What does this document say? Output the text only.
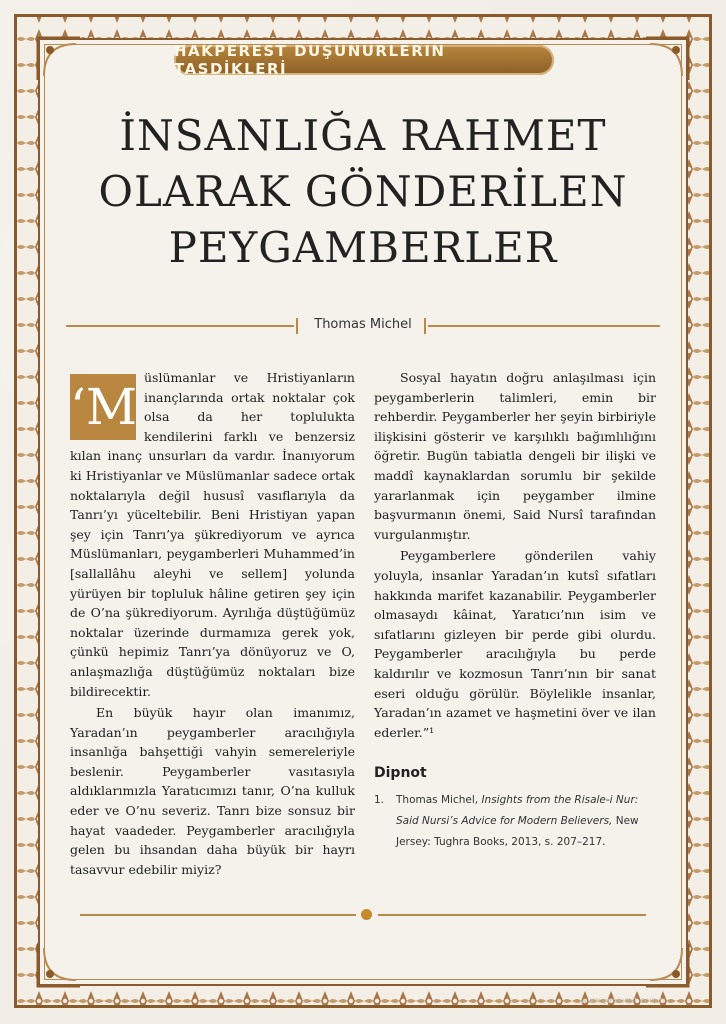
HAKPEREST DÜŞÜNÜRLERİN TASDİKLERİ
İNSANLIĞA RAHMET
OLARAK GÖNDERİLEN
PEYGAMBERLER
Thomas Michel
‘M

üslümanlar ve Hristiyanların inançlarında ortak noktalar çok olsa da her toplulukta kendilerini farklı ve benzersiz kılan inanç unsurları da vardır. İnanıyorum ki Hristiyanlar ve Müslümanlar sadece ortak noktalarıyla değil hususî vasıflarıyla da Tanrı’yı yüceltebilir. Beni Hristiyan yapan şey için Tanrı’ya şükrediyorum ve ayrıca Müslümanları, peygamberleri Muhammed’in [sallallâhu aleyhi ve sellem] yolunda yürüyen bir topluluk hâline getiren şey için de O’na şükrediyorum. Ayrılığa düştüğümüz noktalar üzerinde durmamıza gerek yok, çünkü hepimiz Tanrı’ya dönüyoruz ve O, anlaşmazlığa düştüğümüz noktaları bize bildirecektir.

En büyük hayır olan imanımız, Yaradan’ın peygamberler aracılığıyla insanlığa bahşettiği vahyin semereleriyle beslenir. Peygamberler vasıtasıyla aldıklarımızla Yaratıcımızı tanır, O’na kulluk eder ve O’nu severiz. Tanrı bize sonsuz bir hayat vaadeder. Peygamberler aracılığıyla gelen bu ihsandan daha büyük bir hayrı tasavvur edebilir miyiz?

Sosyal hayatın doğru anlaşılması için peygamberlerin talimleri, emin bir rehberdir. Peygamberler her şeyin birbiriyle ilişkisini gösterir ve karşılıklı bağımlılığını öğretir. Bugün tabiatla dengeli bir ilişki ve maddî kaynaklardan sorumlu bir şekilde yararlanmak için peygamber ilmine başvurmanın önemi, Said Nursî tarafından vurgulanmıştır.

Peygamberlere gönderilen vahiy yoluyla, insanlar Yaradan’ın kutsî sıfatları hakkında marifet kazanabilir. Peygamberler olmasaydı kâinat, Yaratıcı’nın isim ve sıfatlarını gizleyen bir perde gibi olurdu. Peygamberler aracılığıyla bu perde kaldırılır ve kozmosun Tanrı’nın bir sanat eseri olduğu görülür. Böylelikle insanlar, Yaradan’ın azamet ve haşmetini över ve ilan ederler.”¹

Dipnot
1. Thomas Michel, Insights from the Risale-i Nur: Said Nursi’s Advice for Modern Believers, New Jersey: Tughra Books, 2013, s. 207–217.
www.yeniumit.com.tr
